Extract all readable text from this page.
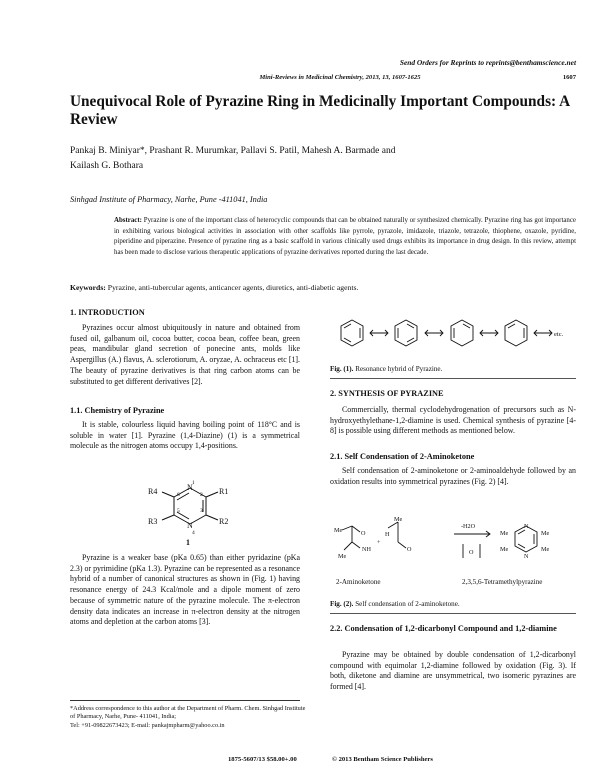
Send Orders for Reprints to reprints@benthamscience.net
Mini-Reviews in Medicinal Chemistry, 2013, 13, 1607-1625	1607
Unequivocal Role of Pyrazine Ring in Medicinally Important Compounds: A Review
Pankaj B. Miniyar*, Prashant R. Murumkar, Pallavi S. Patil, Mahesh A. Barmade and
Kailash G. Bothara
Sinhgad Institute of Pharmacy, Narhe, Pune -411041, India
Abstract: Pyrazine is one of the important class of heterocyclic compounds that can be obtained naturally or synthesized chemically. Pyrazine ring has got importance in exhibiting various biological activities in association with other scaffolds like pyrrole, pyrazole, imidazole, triazole, tetrazole, thiophene, oxazole, pyridine, piperidine and piperazine. Presence of pyrazine ring as a basic scaffold in various clinically used drugs exhibits its importance in drug design. In this review, attempt has been made to disclose various therapeutic applications of pyrazine derivatives reported during the last decade.
Keywords: Pyrazine, anti-tubercular agents, anticancer agents, diuretics, anti-diabetic agents.
1. INTRODUCTION
Pyrazines occur almost ubiquitously in nature and obtained from fused oil, galbanum oil, cocoa butter, cocoa bean, coffee bean, green peas, mandibular gland secretion of ponecine ants, molds like Aspergillus (A.) flavus, A. sclerotiorum, A. oryzae, A. ochraceus etc [1]. The beauty of pyrazine derivatives is that ring carbon atoms can be substituted to get different derivatives [2].
1.1. Chemistry of Pyrazine
It is stable, colourless liquid having boiling point of 118°C and is soluble in water [1]. Pyrazine (1,4-Diazine) (1) is a symmetrical molecule as the nitrogen atoms occupy 1,4-positions.
N
N
R1
R2
R3
R4
1
2
3
4
5
6
1
Pyrazine is a weaker base (pKa 0.65) than either pyridazine (pKa 2.3) or pyrimidine (pKa 1.3). Pyrazine can be represented as a resonance hybrid of a number of canonical structures as shown in (Fig. 1) having resonance energy of 24.3 Kcal/mole and a dipole moment of zero because of symmetric nature of the pyrazine molecule. The π-electron density data indicates an increase in π-electron density at the nitrogen atoms and depletion at the carbon atoms [3].
etc.
Fig. (1). Resonance hybrid of Pyrazine.
2. SYNTHESIS OF PYRAZINE
Commercially, thermal cyclodehydrogenation of precursors such as N-hydroxyethylethane-1,2-diamine is used. Chemical synthesis of pyrazine [4-8] is possible using different methods as mentioned below.
2.1. Self Condensation of 2-Aminoketone
Self condensation of 2-aminoketone or 2-aminoaldehyde followed by an oxidation results into symmetrical pyrazines (Fig. 2) [4].
Me	O
NH
Me
+
H
Me
O
-H2O
O
N
N
Me	Me
Me	Me
2-Aminoketone	2,3,5,6-Tetramethylpyrazine
Fig. (2). Self condensation of 2-aminoketone.
2.2. Condensation of 1,2-dicarbonyl Compound and 1,2-diamine
Pyrazine may be obtained by double condensation of 1,2-dicarbonyl compound with equimolar 1,2-diamine followed by oxidation (Fig. 3). If both, diketone and diamine are unsymmetrical, two isomeric pyrazines are formed [4].
*Address correspondence to this author at the Department of Pharm. Chem. Sinhgad Institute of Pharmacy, Narhe, Pune- 411041, India;
Tel: +91-09822673423; E-mail: pankajmpharm@yahoo.co.in
1875-5607/13 $58.00+.00	© 2013 Bentham Science Publishers
